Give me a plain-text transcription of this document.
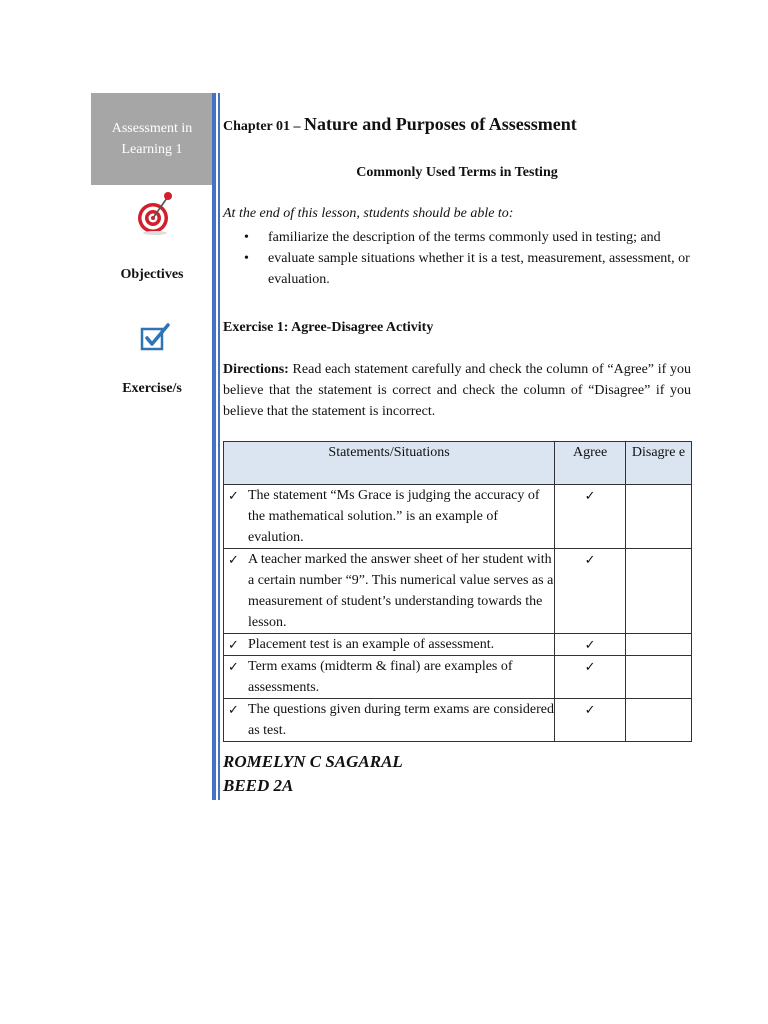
Assessment in
Learning 1
Objectives
Exercise/s
Chapter 01 – Nature and Purposes of Assessment
Commonly Used Terms in Testing
At the end of this lesson, students should be able to:
• familiarize the description of the terms commonly used in testing; and
• evaluate sample situations whether it is a test, measurement, assessment, or evaluation.
Exercise 1: Agree-Disagree Activity
Directions: Read each statement carefully and check the column of “Agree” if you believe that the statement is correct and check the column of “Disagree” if you believe that the statement is incorrect.
Statements/Situations	Agree	Disagre e

✓ The statement “Ms Grace is judging the accuracy of the mathematical solution.” is an example of evalution.	✓	

✓ A teacher marked the answer sheet of her student with a certain number “9”. This numerical value serves as a measurement of student’s understanding towards the lesson.	✓	

✓ Placement test is an example of assessment.	✓	

✓ Term exams (midterm & final) are examples of assessments.	✓	

✓ The questions given during term exams are considered as test.	✓	
ROMELYN C SAGARAL
BEED 2A
